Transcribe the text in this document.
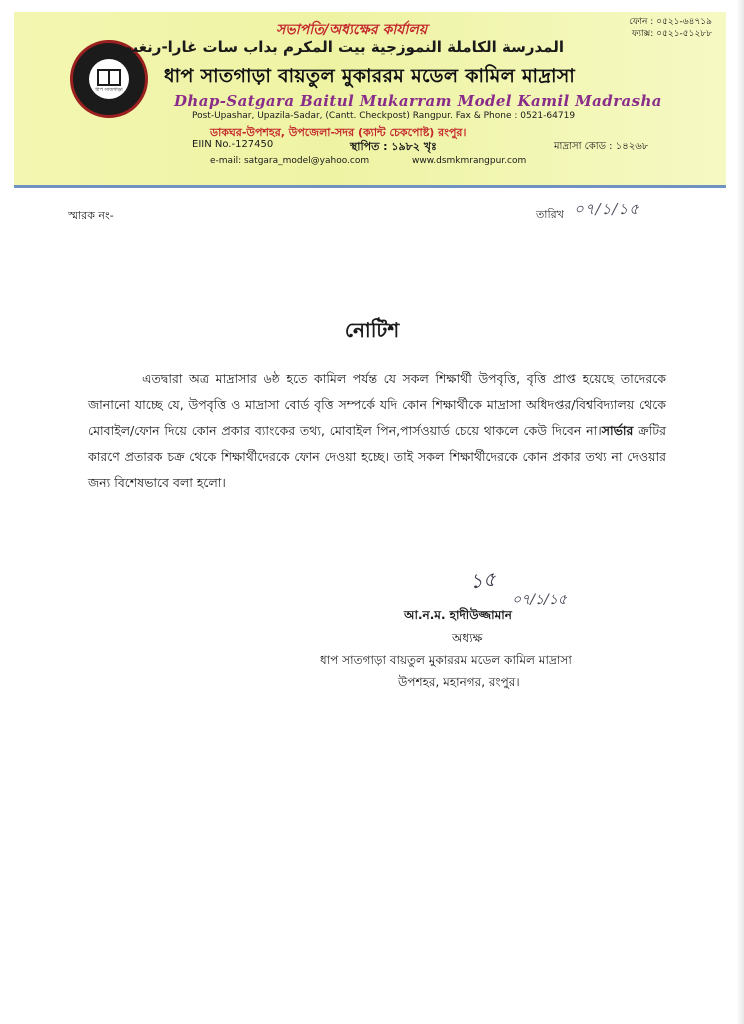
ধাপ সাতগাড়া
সভাপতি/অধ্যক্ষের কার্যালয়	ফোন : ০৫২১-৬৪৭১৯
ফ্যাক্স: ০৫২১-৫১২৮৮
المدرسة الكاملة النموزجية بيت المكرم بداب سات غارا-رنغبور
ধাপ সাতগাড়া বায়তুল মুকাররম মডেল কামিল মাদ্রাসা
Dhap-Satgara Baitul Mukarram Model Kamil Madrasha
Post-Upashar, Upazila-Sadar, (Cantt. Checkpost) Rangpur. Fax & Phone : 0521-64719
ডাকঘর-উপশহর, উপজেলা-সদর (ক্যান্ট চেকপোষ্ট) রংপুর।
EIIN No.-127450	স্থাপিত : ১৯৮২ খৃঃ	মাদ্রাসা কোড : ১৪২৬৮
e-mail: satgara_model@yahoo.com	www.dsmkmrangpur.com
স্মারক নং-	তারিখ ০৭/১/১৫
নোটিশ
এতদ্বারা অত্র মাদ্রাসার ৬ষ্ঠ হতে কামিল পর্যন্ত যে সকল শিক্ষার্থী উপবৃত্তি, বৃত্তি প্রাপ্ত হয়েছে তাদেরকে জানানো যাচ্ছে যে, উপবৃত্তি ও মাদ্রাসা বোর্ড বৃত্তি সম্পর্কে যদি কোন শিক্ষার্থীকে মাদ্রাসা অধিদপ্তর/বিশ্ববিদ্যালয় থেকে মোবাইল/ফোন দিয়ে কোন প্রকার ব্যাংকের তথ্য, মোবাইল পিন,পার্সওয়ার্ড চেয়ে থাকলে কেউ দিবেন না।সার্ভার ক্রটির কারণে প্রতারক চক্র থেকে শিক্ষার্থীদেরকে ফোন দেওয়া হচ্ছে। তাই সকল শিক্ষার্থীদেরকে কোন প্রকার তথ্য না দেওয়ার জন্য বিশেষভাবে বলা হলো।
১৫
০৭/১/১৫
আ.ন.ম. হাদীউজ্জামান
অধ্যক্ষ
ধাপ সাতগাড়া বায়তুল মুকাররম মডেল কামিল মাদ্রাসা
উপশহর, মহানগর, রংপুর।
